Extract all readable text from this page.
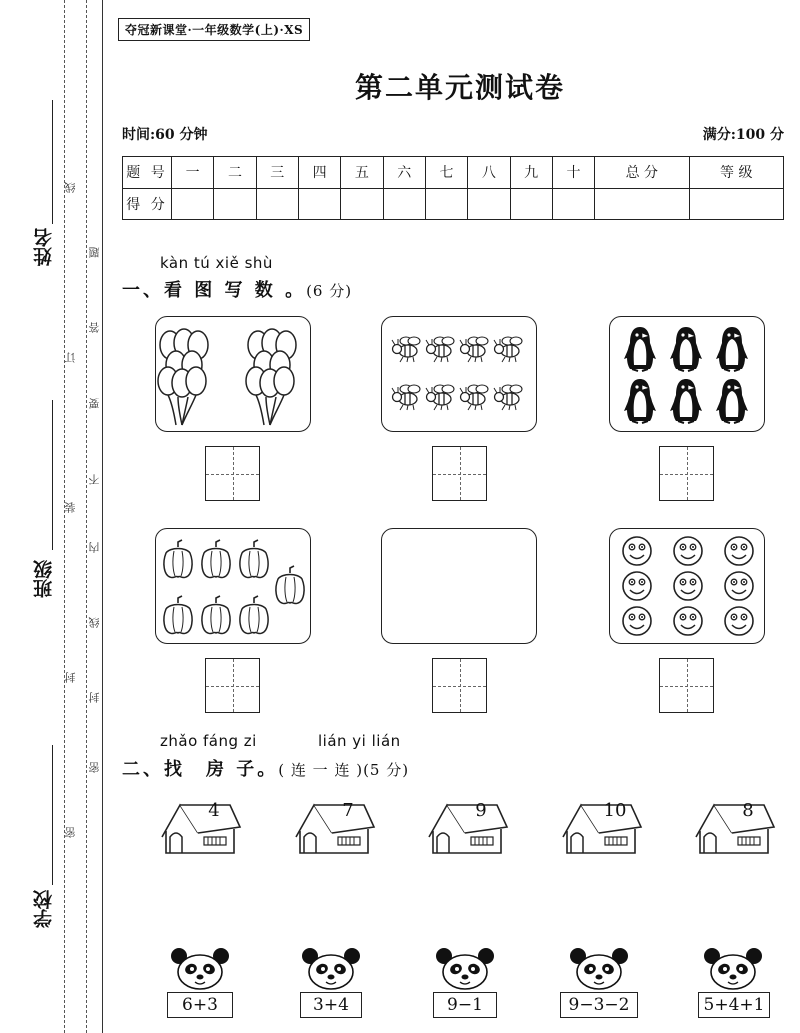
姓名
班级
学校
线
题
答
订
要
不
装
内
线
封
封
密
密
夺冠新课堂·一年级数学(上)·XS
第二单元测试卷
时间:60 分钟	满分:100 分
题 号	一	二	三	四	五	六	七	八	九	十	总 分	等 级
得 分												
kàn tú xiě shù
一、看 图 写 数 。(6 分)
zhǎo fáng zi	lián yi lián
二、找　房 子。( 连 一 连 )(5 分)
4	7	9	10	8
6+3	3+4	9−1	9−3−2	5+4+1
